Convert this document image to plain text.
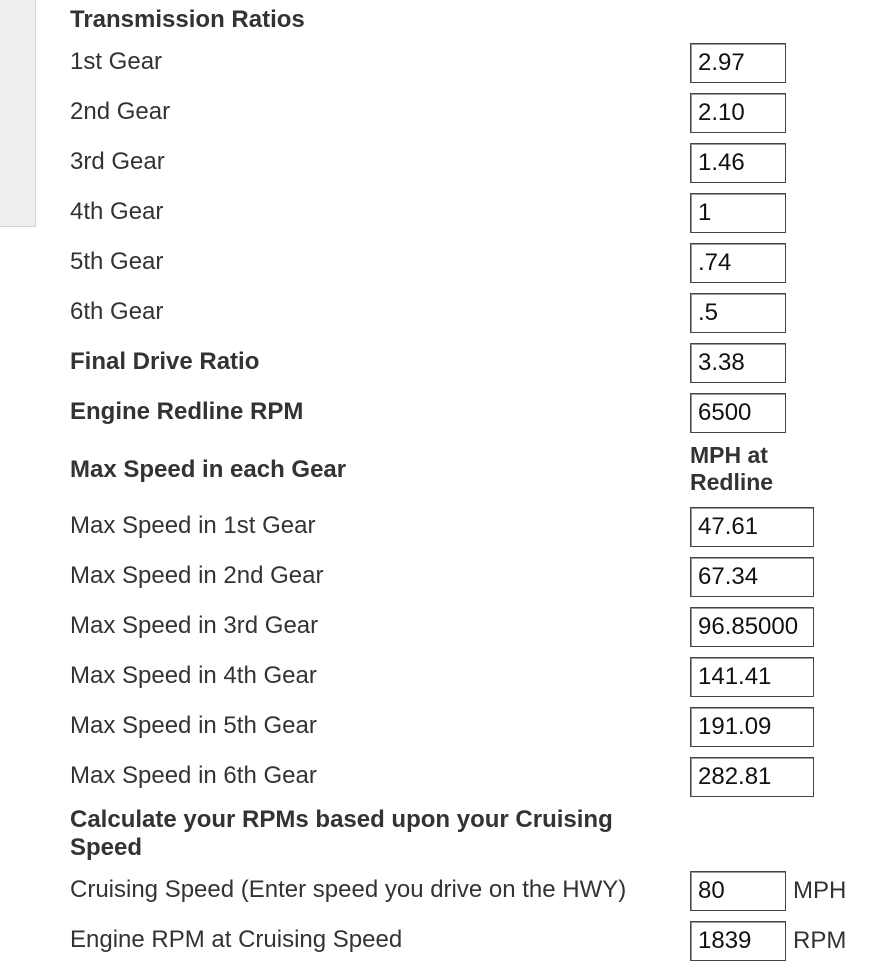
Transmission Ratios
1st Gear
2.97
2nd Gear
2.10
3rd Gear
1.46
4th Gear
1
5th Gear
.74
6th Gear
.5
Final Drive Ratio
3.38
Engine Redline RPM
6500
Max Speed in each Gear
MPH at
Redline
Max Speed in 1st Gear
47.61
Max Speed in 2nd Gear
67.34
Max Speed in 3rd Gear
96.85000
Max Speed in 4th Gear
141.41
Max Speed in 5th Gear
191.09
Max Speed in 6th Gear
282.81
Calculate your RPMs based upon your Cruising
Speed
Cruising Speed (Enter speed you drive on the HWY)
80	MPH
Engine RPM at Cruising Speed
1839	RPM
